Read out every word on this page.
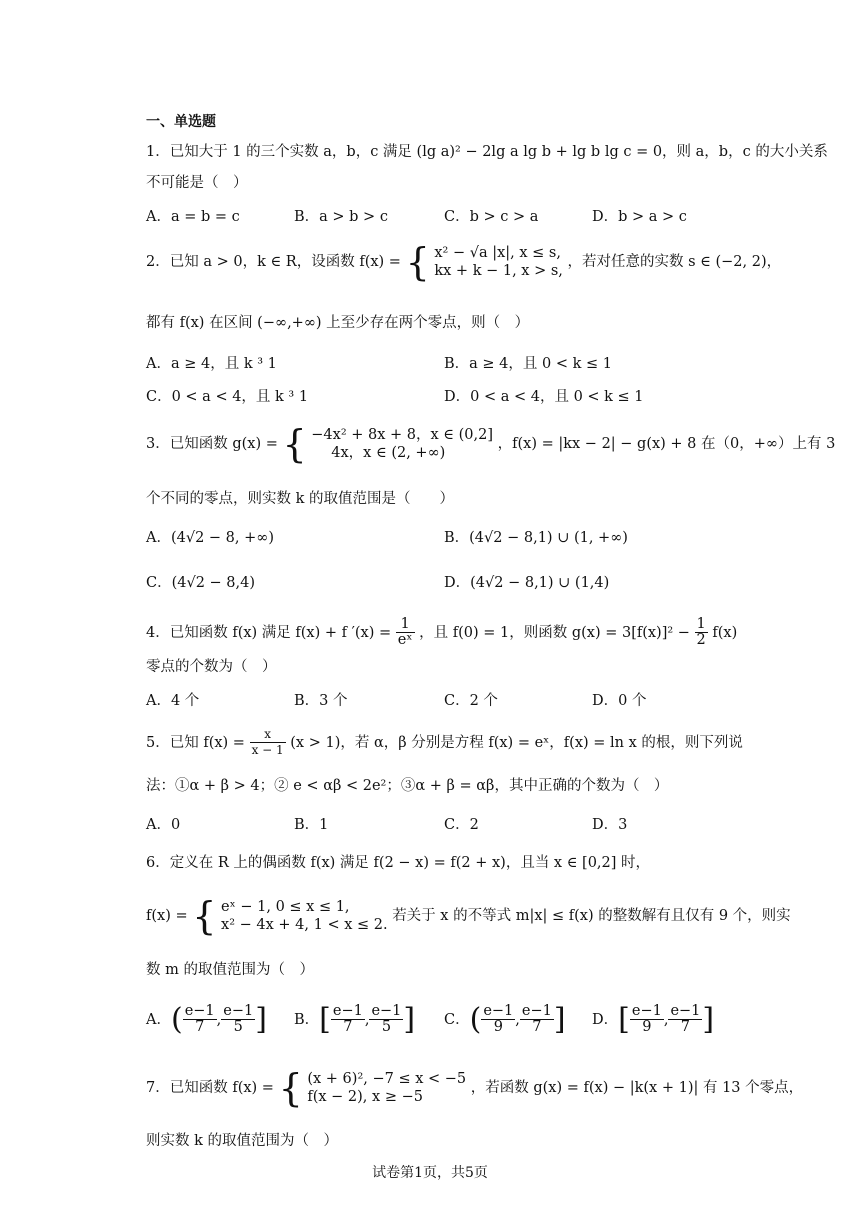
一、单选题
1．已知大于 1 的三个实数 a，b，c 满足 (lg a)² − 2lg a lg b + lg b lg c = 0，则 a，b，c 的大小关系
不可能是（　）
A．a = b = c	B．a > b > c	C．b > c > a	D．b > a > c
2．已知 a > 0，k ∈ R，设函数 f(x) = { x² − √a |x|, x ≤ s,
kx + k − 1, x > s,
，若对任意的实数 s ∈ (−2, 2)，
都有 f(x) 在区间 (−∞,+∞) 上至少存在两个零点，则（　）
A．a ≥ 4，且 k ³ 1	B．a ≥ 4，且 0 < k ≤ 1
C．0 < a < 4，且 k ³ 1	D．0 < a < 4，且 0 < k ≤ 1
3．已知函数 g(x) = { −4x² + 8x + 8，x ∈ (0,2]
4x，x ∈ (2, +∞)
，f(x) = |kx − 2| − g(x) + 8 在（0，+∞）上有 3
个不同的零点，则实数 k 的取值范围是（　　）
A．(4√2 − 8, +∞)	B．(4√2 − 8,1) ∪ (1, +∞)
C．(4√2 − 8,4)	D．(4√2 − 8,1) ∪ (1,4)
4．已知函数 f(x) 满足 f(x) + f $'(x) = \frac{1}{\text{eˣ}}$ ，且 f(0) = 1，则函数 $g(x) = 3[f(x)]^2 - \frac{1}{2} f(x)$
零点的个数为（　）
A．4 个	B．3 个	C．2 个	D．0 个
5．已知 $f(x) = \frac{x}{x - 1} (x > 1)$，若 α，β 分别是方程 f(x) = eˣ，f(x) = ln x 的根，则下列说
法：①α + β > 4；② e < αβ < 2e²；③α + β = αβ，其中正确的个数为（　）
A．0	B．1	C．2	D．3
6．定义在 R 上的偶函数 f(x) 满足 f(2 − x) = f(2 + x)，且当 x ∈ [0,2] 时，
f(x) = { eˣ − 1, 0 ≤ x ≤ 1,
x² − 4x + 4, 1 < x ≤ 2.
若关于 x 的不等式 m|x| ≤ f(x) 的整数解有且仅有 9 个，则实
数 m 的取值范围为（　）
A．( $\frac{e-1}{7}$ , $\frac{e-1}{5}$ ] B．[ $\frac{e-1}{7}$ , $\frac{e-1}{5}$ ] C．( $\frac{e-1}{9}$ , $\frac{e-1}{7}$ ] D．[ $\frac{e-1}{9}$ , $\frac{e-1}{7}$ ]
7．已知函数 f(x) = { (x + 6)², −7 ≤ x < −5
f(x − 2), x ≥ −5
，若函数 g(x) = f(x) − |k(x + 1)| 有 13 个零点，
则实数 k 的取值范围为（　）
试卷第1页，共5页
